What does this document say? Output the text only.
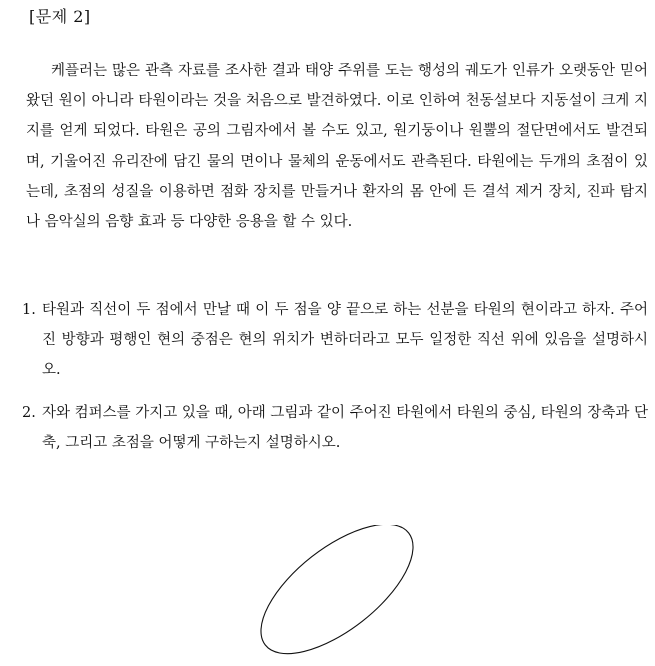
[문제 2]

케플러는 많은 관측 자료를 조사한 결과 태양 주위를 도는 행성의 궤도가 인류가 오랫동안 믿어 왔던 원이 아니라 타원이라는 것을 처음으로 발견하였다. 이로 인하여 천동설보다 지동설이 크게 지지를 얻게 되었다. 타원은 공의 그림자에서 볼 수도 있고, 원기둥이나 원뿔의 절단면에서도 발견되며, 기울어진 유리잔에 담긴 물의 면이나 물체의 운동에서도 관측된다. 타원에는 두개의 초점이 있는데, 초점의 성질을 이용하면 점화 장치를 만들거나 환자의 몸 안에 든 결석 제거 장치, 진파 탐지나 음악실의 음향 효과 등 다양한 응용을 할 수 있다.

1. 타원과 직선이 두 점에서 만날 때 이 두 점을 양 끝으로 하는 선분을 타원의 현이라고 하자. 주어진 방향과 평행인 현의 중점은 현의 위치가 변하더라고 모두 일정한 직선 위에 있음을 설명하시오.
2. 자와 컴퍼스를 가지고 있을 때, 아래 그림과 같이 주어진 타원에서 타원의 중심, 타원의 장축과 단축, 그리고 초점을 어떻게 구하는지 설명하시오.
